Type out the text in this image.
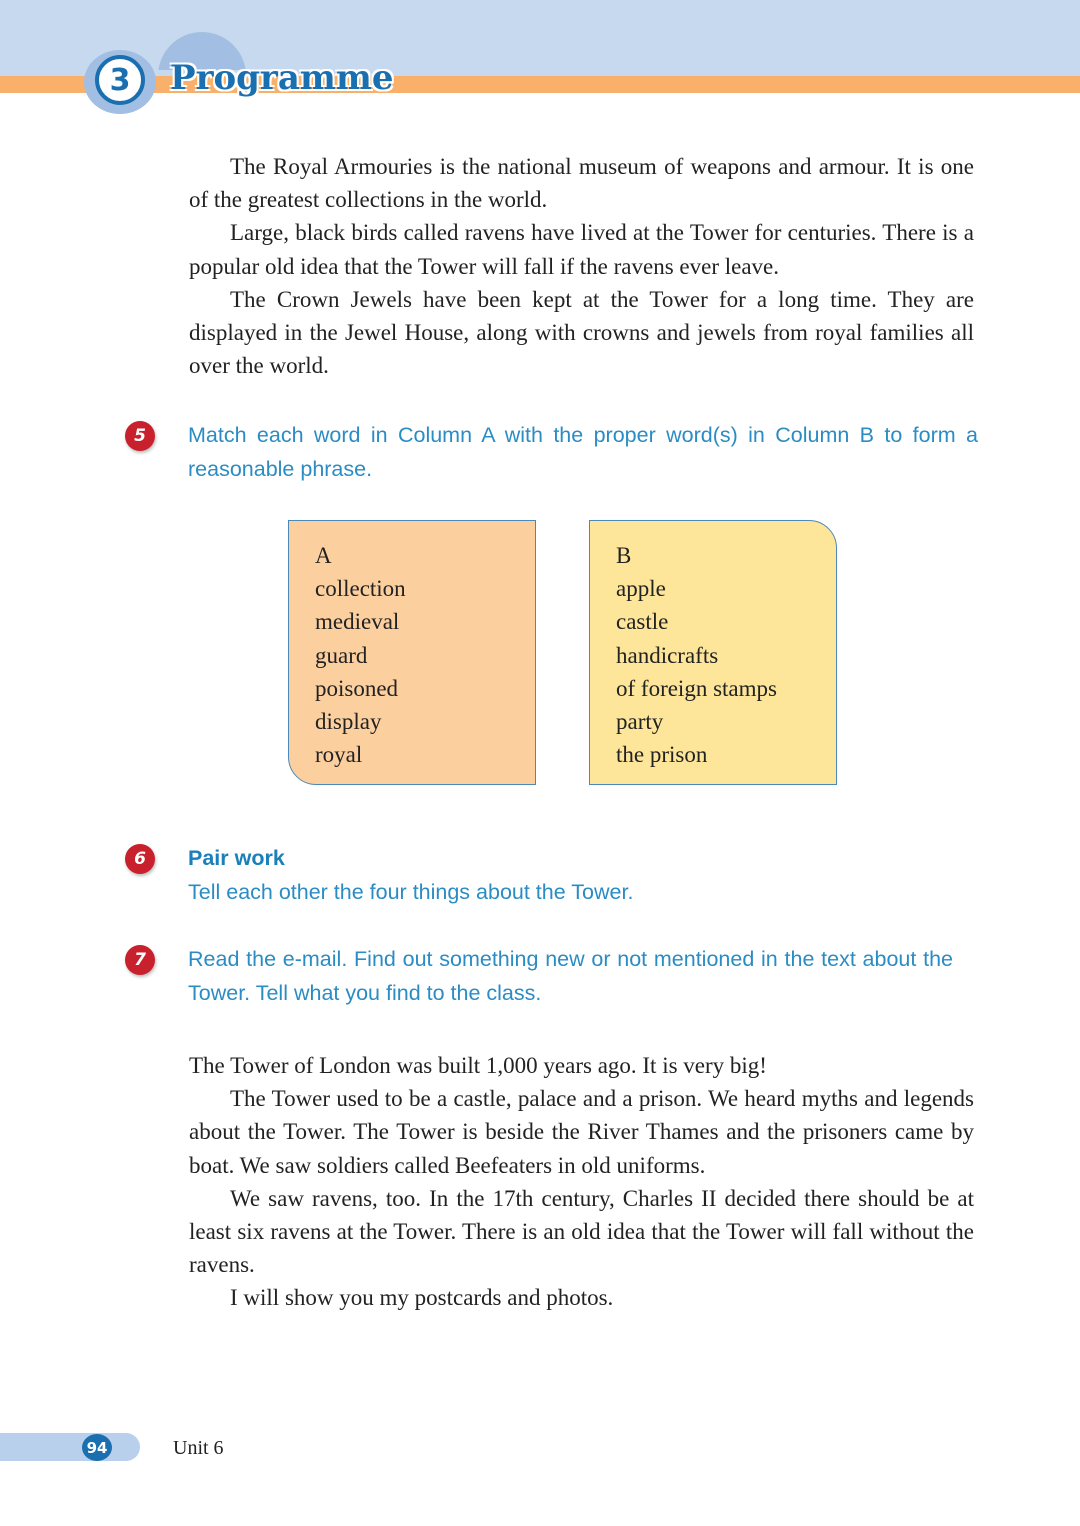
3	Programme

The Royal Armouries is the national museum of weapons and armour. It is one of the greatest collections in the world.

Large, black birds called ravens have lived at the Tower for centuries. There is a popular old idea that the Tower will fall if the ravens ever leave.

The Crown Jewels have been kept at the Tower for a long time. They are displayed in the Jewel House, along with crowns and jewels from royal families all over the world.

5	Match each word in Column A with the proper word(s) in Column B to form a reasonable phrase.
A
collection
medieval
guard
poisoned
display
royal
B
apple
castle
handicrafts
of foreign stamps
party
the prison
6	Pair work
Tell each other the four things about the Tower.
7	Read the e-mail. Find out something new or not mentioned in the text about the Tower. Tell what you find to the class.

The Tower of London was built 1,000 years ago. It is very big!

The Tower used to be a castle, palace and a prison. We heard myths and legends about the Tower. The Tower is beside the River Thames and the prisoners came by boat. We saw soldiers called Beefeaters in old uniforms.

We saw ravens, too. In the 17th century, Charles II decided there should be at least six ravens at the Tower. There is an old idea that the Tower will fall without the ravens.

I will show you my postcards and photos.

94	Unit 6
